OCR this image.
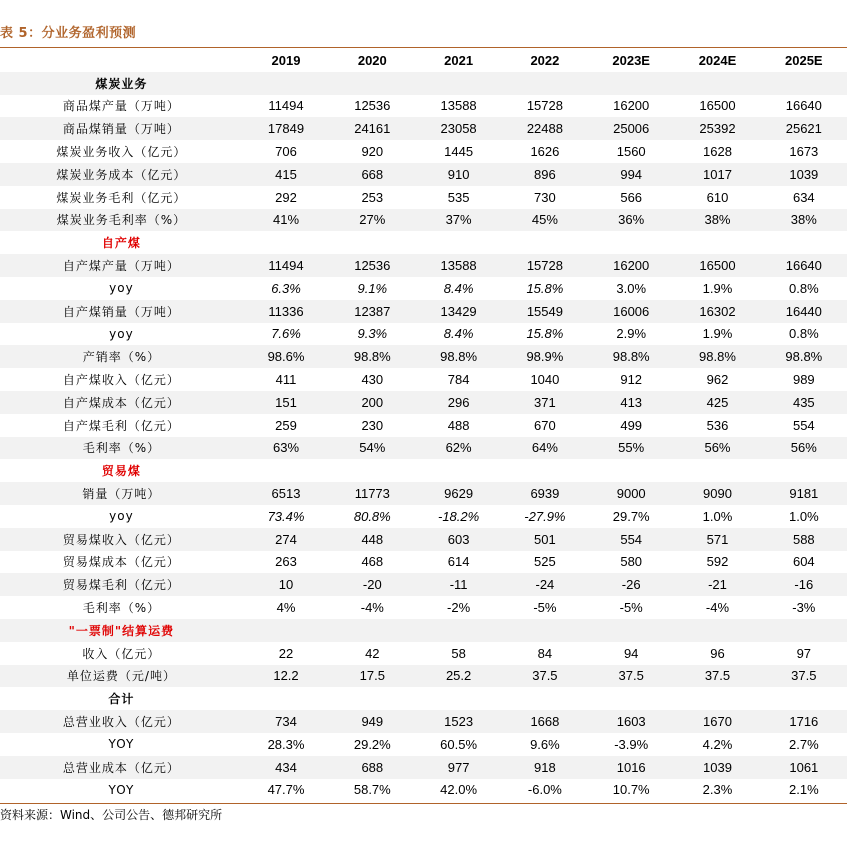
表 5：分业务盈利预测
	2019	2020	2021	2022	2023E	2024E	2025E
煤炭业务							
商品煤产量（万吨）	11494	12536	13588	15728	16200	16500	16640
商品煤销量（万吨）	17849	24161	23058	22488	25006	25392	25621
煤炭业务收入（亿元）	706	920	1445	1626	1560	1628	1673
煤炭业务成本（亿元）	415	668	910	896	994	1017	1039
煤炭业务毛利（亿元）	292	253	535	730	566	610	634
煤炭业务毛利率（%）	41%	27%	37%	45%	36%	38%	38%
自产煤							
自产煤产量（万吨）	11494	12536	13588	15728	16200	16500	16640
yoy	6.3%	9.1%	8.4%	15.8%	3.0%	1.9%	0.8%
自产煤销量（万吨）	11336	12387	13429	15549	16006	16302	16440
yoy	7.6%	9.3%	8.4%	15.8%	2.9%	1.9%	0.8%
产销率（%）	98.6%	98.8%	98.8%	98.9%	98.8%	98.8%	98.8%
自产煤收入（亿元）	411	430	784	1040	912	962	989
自产煤成本（亿元）	151	200	296	371	413	425	435
自产煤毛利（亿元）	259	230	488	670	499	536	554
毛利率（%）	63%	54%	62%	64%	55%	56%	56%
贸易煤							
销量（万吨）	6513	11773	9629	6939	9000	9090	9181
yoy	73.4%	80.8%	-18.2%	-27.9%	29.7%	1.0%	1.0%
贸易煤收入（亿元）	274	448	603	501	554	571	588
贸易煤成本（亿元）	263	468	614	525	580	592	604
贸易煤毛利（亿元）	10	-20	-11	-24	-26	-21	-16
毛利率（%）	4%	-4%	-2%	-5%	-5%	-4%	-3%
"一票制"结算运费							
收入（亿元）	22	42	58	84	94	96	97
单位运费（元/吨）	12.2	17.5	25.2	37.5	37.5	37.5	37.5
合计							
总营业收入（亿元）	734	949	1523	1668	1603	1670	1716
YOY	28.3%	29.2%	60.5%	9.6%	-3.9%	4.2%	2.7%
总营业成本（亿元）	434	688	977	918	1016	1039	1061
YOY	47.7%	58.7%	42.0%	-6.0%	10.7%	2.3%	2.1%
资料来源：Wind、公司公告、德邦研究所
